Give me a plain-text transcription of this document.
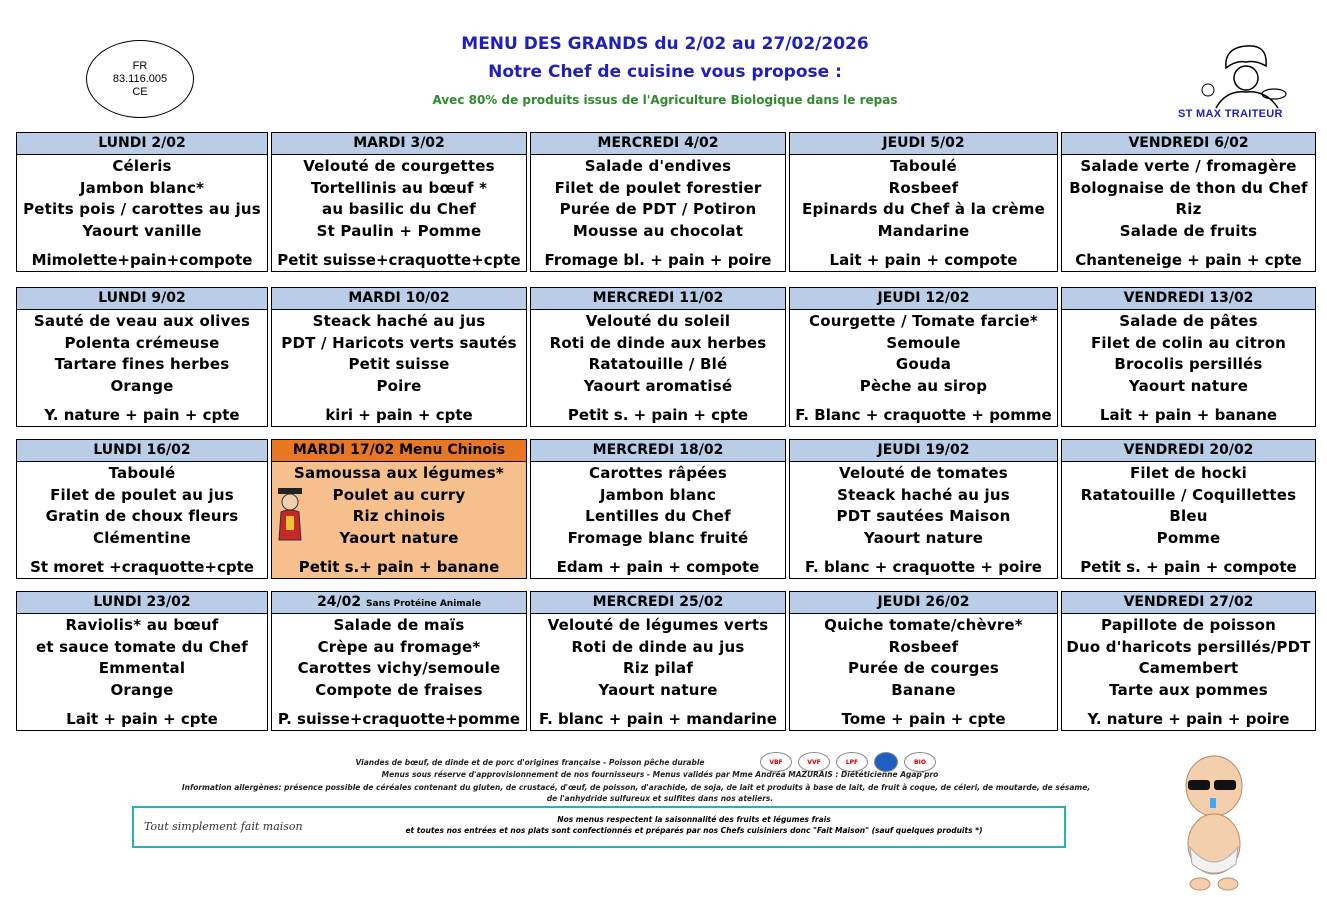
FR
83.116.005
CE
MENU DES GRANDS du 2/02 au 27/02/2026
Notre Chef de cuisine vous propose :
Avec 80% de produits issus de l'Agriculture Biologique dans le repas
ST MAX TRAITEUR
LUNDI 2/02
Céleris
Jambon blanc*
Petits pois / carottes au jus
Yaourt vanille
Mimolette+pain+compote
MARDI 3/02
Velouté de courgettes
Tortellinis au bœuf *
au basilic du Chef
St Paulin + Pomme
Petit suisse+craquotte+cpte
MERCREDI 4/02
Salade d'endives
Filet de poulet forestier
Purée de PDT / Potiron
Mousse au chocolat
Fromage bl. + pain + poire
JEUDI 5/02
Taboulé
Rosbeef
Epinards du Chef à la crème
Mandarine
Lait + pain + compote
VENDREDI 6/02
Salade verte / fromagère
Bolognaise de thon du Chef
Riz
Salade de fruits
Chanteneige + pain + cpte
LUNDI 9/02
Sauté de veau aux olives
Polenta crémeuse
Tartare fines herbes
Orange
Y. nature + pain + cpte
MARDI 10/02
Steack haché au jus
PDT / Haricots verts sautés
Petit suisse
Poire
kiri + pain + cpte
MERCREDI 11/02
Velouté du soleil
Roti de dinde aux herbes
Ratatouille / Blé
Yaourt aromatisé
Petit s. + pain + cpte
JEUDI 12/02
Courgette / Tomate farcie*
Semoule
Gouda
Pèche au sirop
F. Blanc + craquotte + pomme
VENDREDI 13/02
Salade de pâtes
Filet de colin au citron
Brocolis persillés
Yaourt nature
Lait + pain + banane
LUNDI 16/02
Taboulé
Filet de poulet au jus
Gratin de choux fleurs
Clémentine
St moret +craquotte+cpte
MARDI 17/02 Menu Chinois
Samoussa aux légumes*
Poulet au curry
Riz chinois
Yaourt nature
Petit s.+ pain + banane
MERCREDI 18/02
Carottes râpées
Jambon blanc
Lentilles du Chef
Fromage blanc fruité
Edam + pain + compote
JEUDI 19/02
Velouté de tomates
Steack haché au jus
PDT sautées Maison
Yaourt nature
F. blanc + craquotte + poire
VENDREDI 20/02
Filet de hocki
Ratatouille / Coquillettes
Bleu
Pomme
Petit s. + pain + compote
LUNDI 23/02
Raviolis* au bœuf
et sauce tomate du Chef
Emmental
Orange
Lait + pain + cpte
24/02 Sans Protéine Animale
Salade de maïs
Crèpe au fromage*
Carottes vichy/semoule
Compote de fraises
P. suisse+craquotte+pomme
MERCREDI 25/02
Velouté de légumes verts
Roti de dinde au jus
Riz pilaf
Yaourt nature
F. blanc + pain + mandarine
JEUDI 26/02
Quiche tomate/chèvre*
Rosbeef
Purée de courges
Banane
Tome + pain + cpte
VENDREDI 27/02
Papillote de poisson
Duo d'haricots persillés/PDT
Camembert
Tarte aux pommes
Y. nature + pain + poire
Viandes de bœuf, de dinde et de porc d'origines française - Poisson pêche durable	VBF	VVF	LPF	BIO
Menus sous réserve d'approvisionnement de nos fournisseurs - Menus validés par Mme Andréa MAZURAIS : Diététicienne Agap'pro
Information allergènes: présence possible de céréales contenant du gluten, de crustacé, d'œuf, de poisson, d'arachide, de soja, de lait et produits à base de lait, de fruit à coque, de céleri, de moutarde, de sésame,
de l'anhydride sulfureux et sulfites dans nos ateliers.
Tout simplement fait maison
Nos menus respectent la saisonnalité des fruits et légumes frais
et toutes nos entrées et nos plats sont confectionnés et préparés par nos Chefs cuisiniers donc "Fait Maison" (sauf quelques produits *)
